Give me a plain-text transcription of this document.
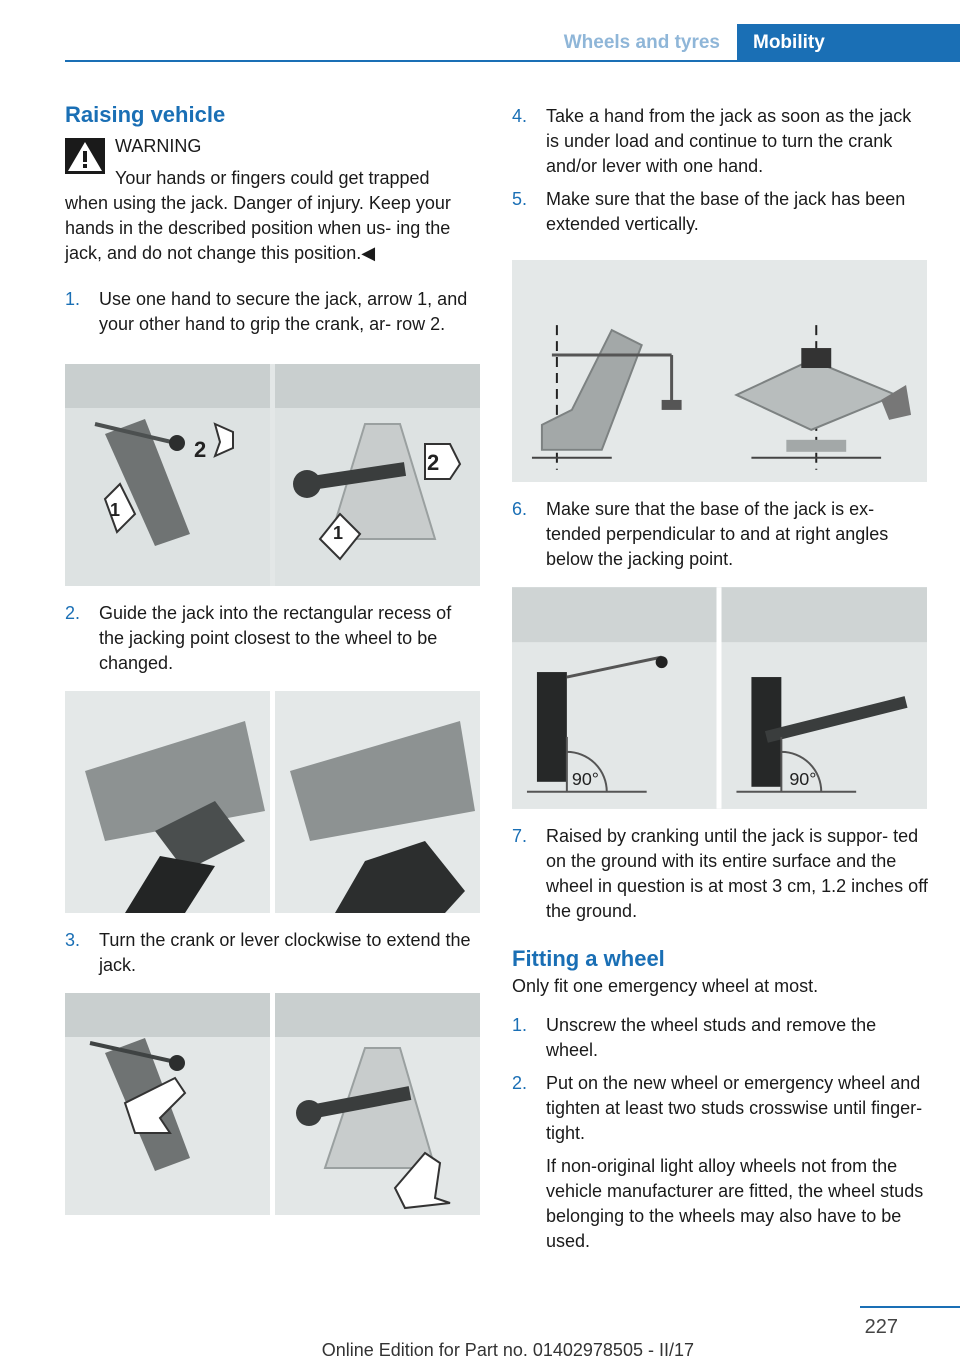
Wheels and tyres	Mobility
Raising vehicle
WARNING
Your hands or fingers could get trapped
when using the jack. Danger of injury. Keep your hands in the described position when us‐ ing the jack, and do not change this position.◀
1. Use one hand to secure the jack, arrow 1, and your other hand to grip the crank, ar‐ row 2.
2
1
2
1
2. Guide the jack into the rectangular recess of the jacking point closest to the wheel to be changed.
3. Turn the crank or lever clockwise to extend the jack.
4. Take a hand from the jack as soon as the jack is under load and continue to turn the crank and/or lever with one hand.
5. Make sure that the base of the jack has been extended vertically.
6. Make sure that the base of the jack is ex‐ tended perpendicular to and at right angles below the jacking point.
90°	90°
7. Raised by cranking until the jack is suppor‐ ted on the ground with its entire surface and the wheel in question is at most 3 cm, 1.2 inches off the ground.
Fitting a wheel

Only fit one emergency wheel at most.

1. Unscrew the wheel studs and remove the wheel.
2. Put on the new wheel or emergency wheel and tighten at least two studs crosswise until finger-tight.
If non-original light alloy wheels not from the vehicle manufacturer are fitted, the wheel studs belonging to the wheels may also have to be used.
227
Online Edition for Part no. 01402978505 - II/17
